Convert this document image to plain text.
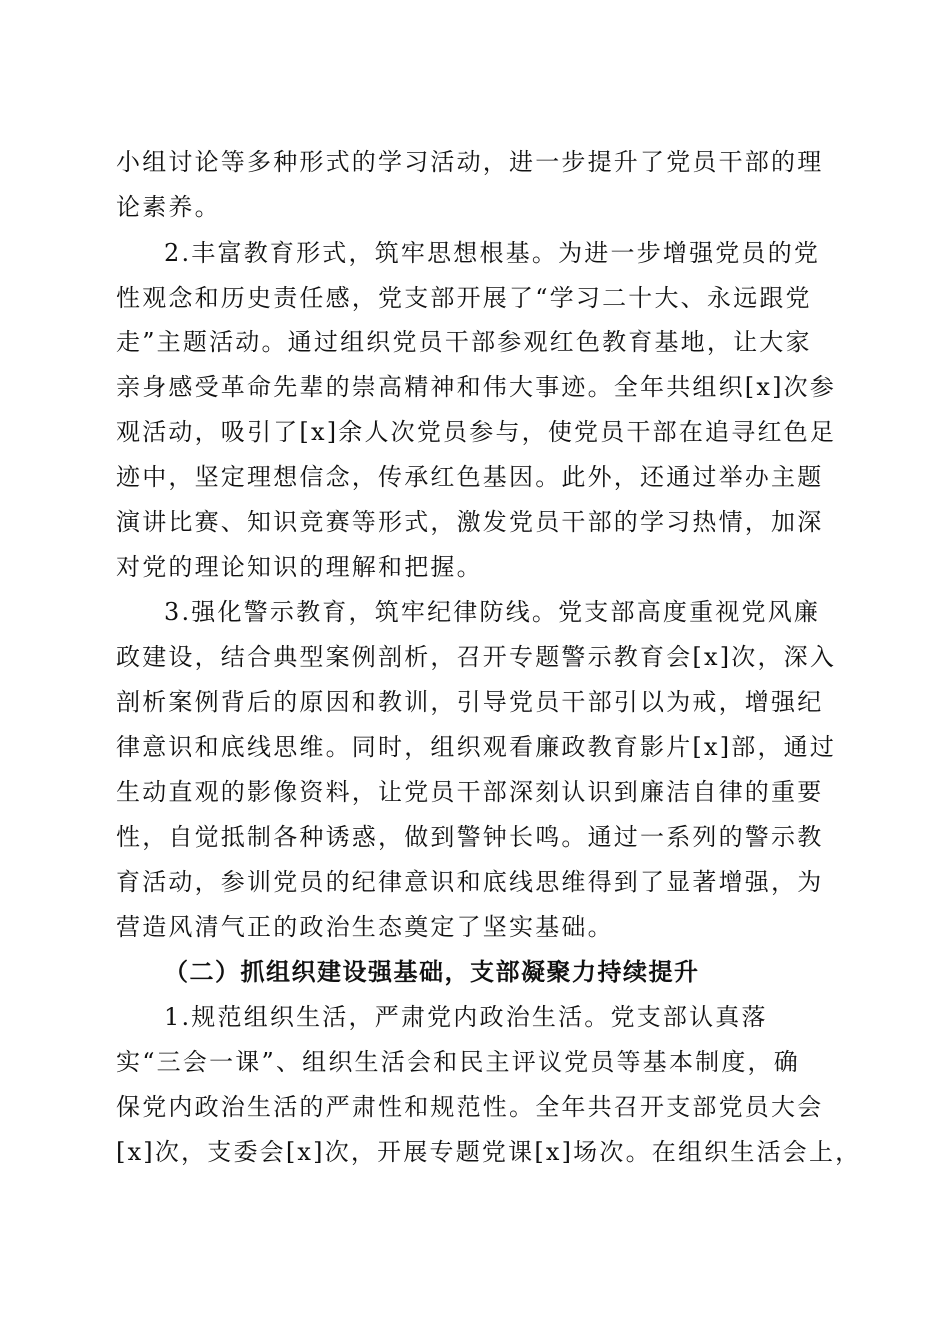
小组讨论等多种形式的学习活动，进一步提升了党员干部的理
论素养。
2.丰富教育形式，筑牢思想根基。为进一步增强党员的党
性观念和历史责任感，党支部开展了“学习二十大、永远跟党
走”主题活动。通过组织党员干部参观红色教育基地，让大家
亲身感受革命先辈的崇高精神和伟大事迹。全年共组织[x]次参
观活动，吸引了[x]余人次党员参与，使党员干部在追寻红色足
迹中，坚定理想信念，传承红色基因。此外，还通过举办主题
演讲比赛、知识竞赛等形式，激发党员干部的学习热情，加深
对党的理论知识的理解和把握。
3.强化警示教育，筑牢纪律防线。党支部高度重视党风廉
政建设，结合典型案例剖析，召开专题警示教育会[x]次，深入
剖析案例背后的原因和教训，引导党员干部引以为戒，增强纪
律意识和底线思维。同时，组织观看廉政教育影片[x]部，通过
生动直观的影像资料，让党员干部深刻认识到廉洁自律的重要
性，自觉抵制各种诱惑，做到警钟长鸣。通过一系列的警示教
育活动，参训党员的纪律意识和底线思维得到了显著增强，为
营造风清气正的政治生态奠定了坚实基础。
（二）抓组织建设强基础，支部凝聚力持续提升
1.规范组织生活，严肃党内政治生活。党支部认真落
实“三会一课”、组织生活会和民主评议党员等基本制度，确
保党内政治生活的严肃性和规范性。全年共召开支部党员大会
[x]次，支委会[x]次，开展专题党课[x]场次。在组织生活会上，
